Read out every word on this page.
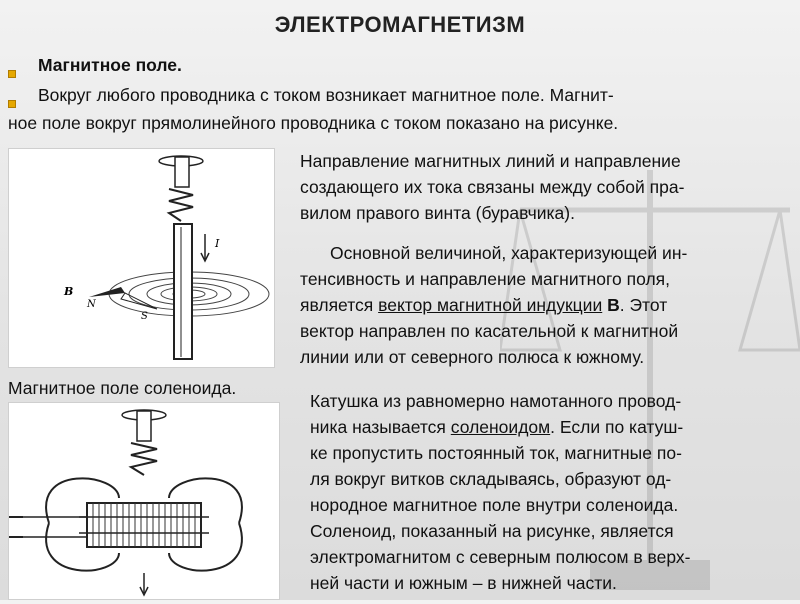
ЭЛЕКТРОМАГНЕТИЗМ
Магнитное поле.
Вокруг любого проводника с током возникает магнитное поле. Магнит-
ное поле вокруг прямолинейного проводника с током показано на рисунке.
I
B
N
S
Направление магнитных линий и направление
создающего их тока связаны между собой пра-
вилом правого винта (буравчика).
Основной величиной, характеризующей ин-
тенсивность и направление магнитного поля,
является вектор магнитной индукции B. Этот
вектор направлен по касательной к магнитной
линии или от северного полюса к южному.
Магнитное поле соленоида.
Катушка из равномерно намотанного провод-
ника называется соленоидом. Если по катуш-
ке пропустить постоянный ток, магнитные по-
ля вокруг витков складываясь, образуют од-
нородное магнитное поле внутри соленоида.
Соленоид, показанный на рисунке, является
электромагнитом с северным полюсом в верх-
ней части и южным – в нижней части.
